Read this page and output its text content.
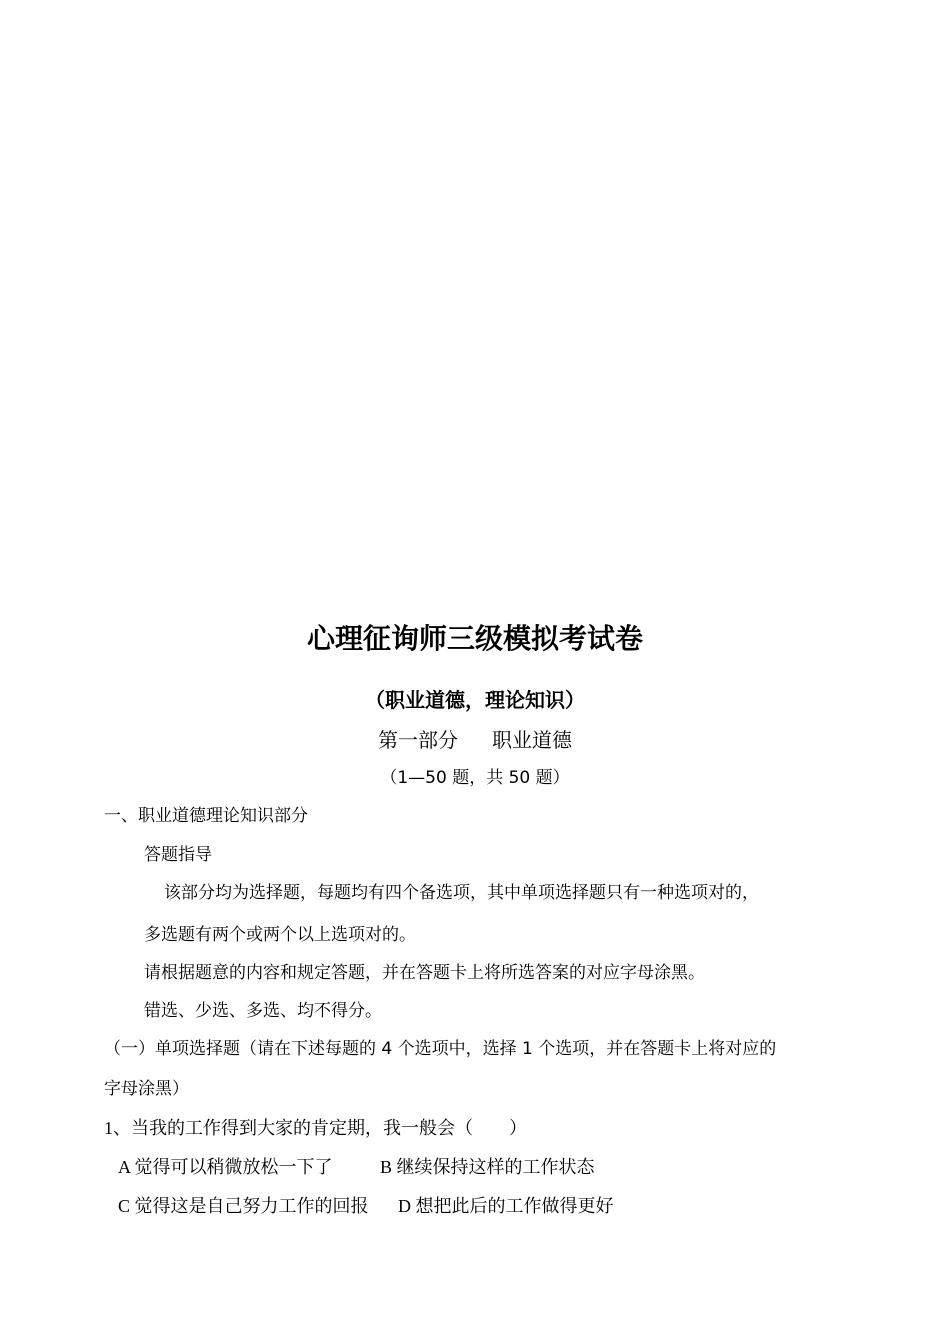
心理征询师三级模拟考试卷
（职业道德，理论知识）
第一部分 职业道德
（1—50 题，共 50 题）
一、职业道德理论知识部分
答题指导
该部分均为选择题，每题均有四个备选项，其中单项选择题只有一种选项对的，
多选题有两个或两个以上选项对的。
请根据题意的内容和规定答题，并在答题卡上将所选答案的对应字母涂黑。
错选、少选、多选、均不得分。
（一）单项选择题（请在下述每题的 4 个选项中，选择 1 个选项，并在答题卡上将对应的
字母涂黑）
1、当我的工作得到大家的肯定期，我一般会（　　）
A 觉得可以稍微放松一下了	B 继续保持这样的工作状态
C 觉得这是自己努力工作的回报 D 想把此后的工作做得更好
